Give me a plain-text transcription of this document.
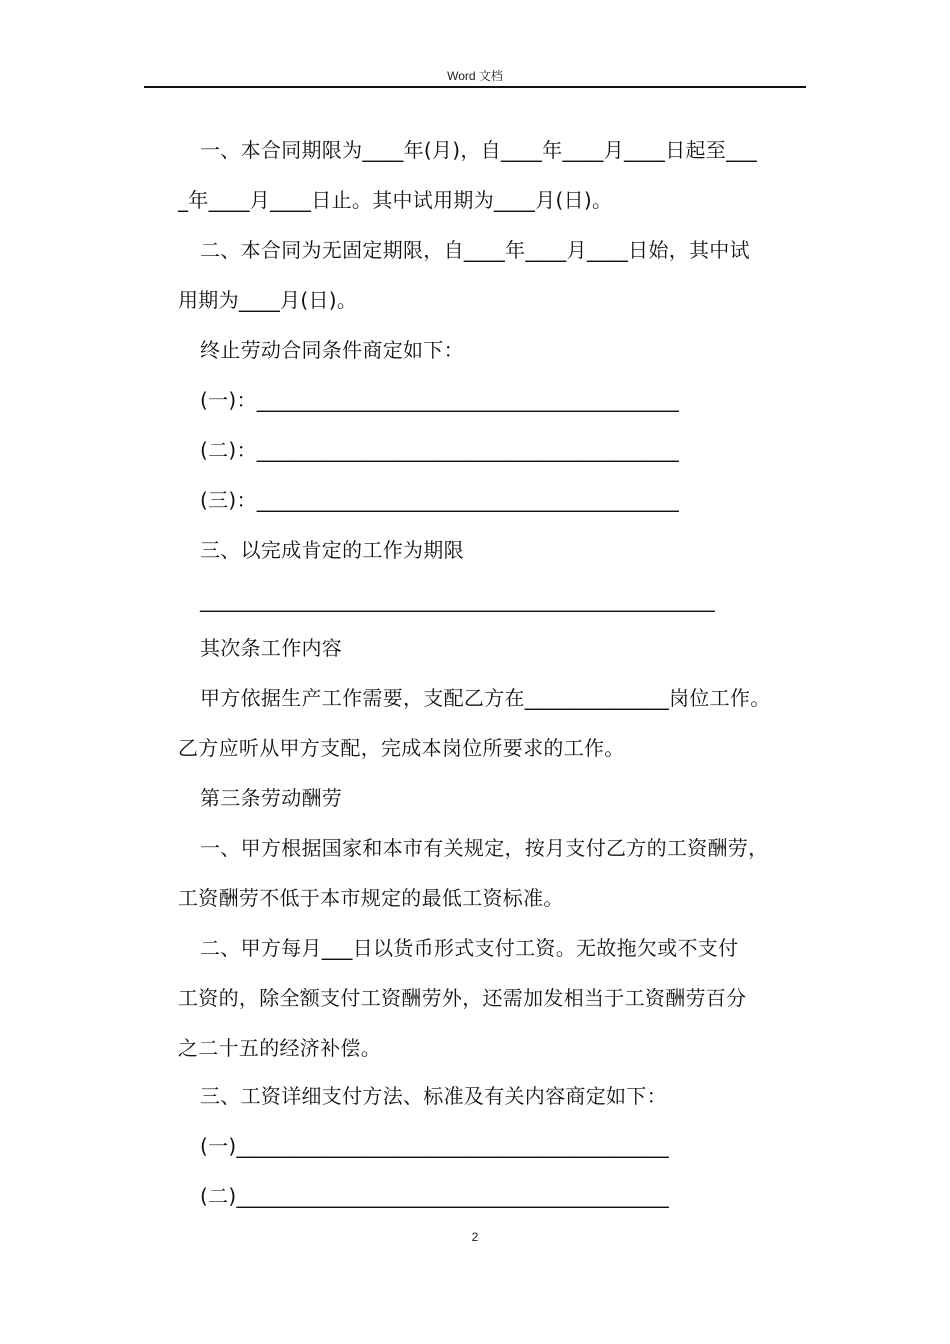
Word 文档
一、本合同期限为____年(月)，自____年____月____日起至___
_年____月____日止。其中试用期为____月(日)。
二、本合同为无固定期限，自____年____月____日始，其中试
用期为____月(日)。
终止劳动合同条件商定如下：
(一)：_________________________________________
(二)：_________________________________________
(三)：_________________________________________
三、以完成肯定的工作为期限
__________________________________________________
其次条工作内容
甲方依据生产工作需要，支配乙方在______________岗位工作。
乙方应听从甲方支配，完成本岗位所要求的工作。
第三条劳动酬劳
一、甲方根据国家和本市有关规定，按月支付乙方的工资酬劳，
工资酬劳不低于本市规定的最低工资标准。
二、甲方每月___日以货币形式支付工资。无故拖欠或不支付
工资的，除全额支付工资酬劳外，还需加发相当于工资酬劳百分
之二十五的经济补偿。
三、工资详细支付方法、标准及有关内容商定如下：
(一)__________________________________________
(二)__________________________________________
2
